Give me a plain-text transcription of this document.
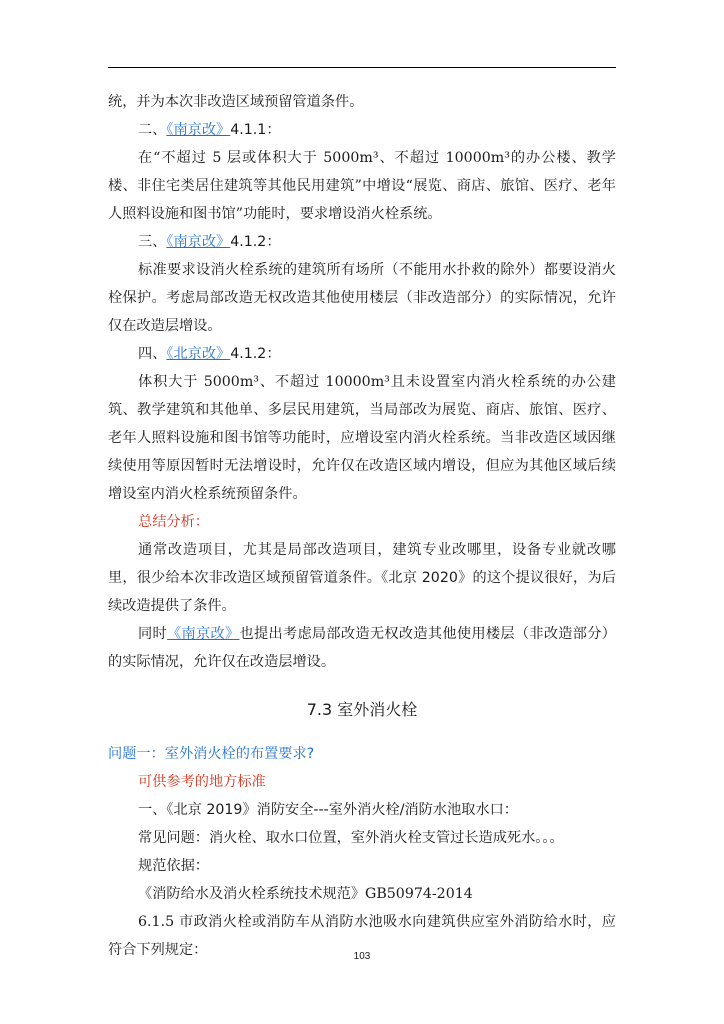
统，并为本次非改造区域预留管道条件。

二、《南京改》4.1.1：

在“不超过 5 层或体积大于 5000m³、不超过 10000m³的办公楼、教学楼、非住宅类居住建筑等其他民用建筑”中增设“展览、商店、旅馆、医疗、老年人照料设施和图书馆”功能时，要求增设消火栓系统。

三、《南京改》4.1.2：

标准要求设消火栓系统的建筑所有场所（不能用水扑救的除外）都要设消火栓保护。考虑局部改造无权改造其他使用楼层（非改造部分）的实际情况，允许仅在改造层增设。

四、《北京改》4.1.2：

体积大于 5000m³、不超过 10000m³且未设置室内消火栓系统的办公建筑、教学建筑和其他单、多层民用建筑，当局部改为展览、商店、旅馆、医疗、老年人照料设施和图书馆等功能时，应增设室内消火栓系统。当非改造区域因继续使用等原因暂时无法增设时，允许仅在改造区域内增设，但应为其他区域后续增设室内消火栓系统预留条件。

总结分析：

通常改造项目，尤其是局部改造项目，建筑专业改哪里，设备专业就改哪里，很少给本次非改造区域预留管道条件。《北京 2020》的这个提议很好，为后续改造提供了条件。

同时《南京改》也提出考虑局部改造无权改造其他使用楼层（非改造部分）的实际情况，允许仅在改造层增设。

7.3 室外消火栓

问题一：室外消火栓的布置要求?

可供参考的地方标准

一、《北京 2019》消防安全---室外消火栓/消防水池取水口：

常见问题：消火栓、取水口位置，室外消火栓支管过长造成死水。。。

规范依据：

《消防给水及消火栓系统技术规范》GB50974-2014

6.1.5 市政消火栓或消防车从消防水池吸水向建筑供应室外消防给水时，应符合下列规定：	103
